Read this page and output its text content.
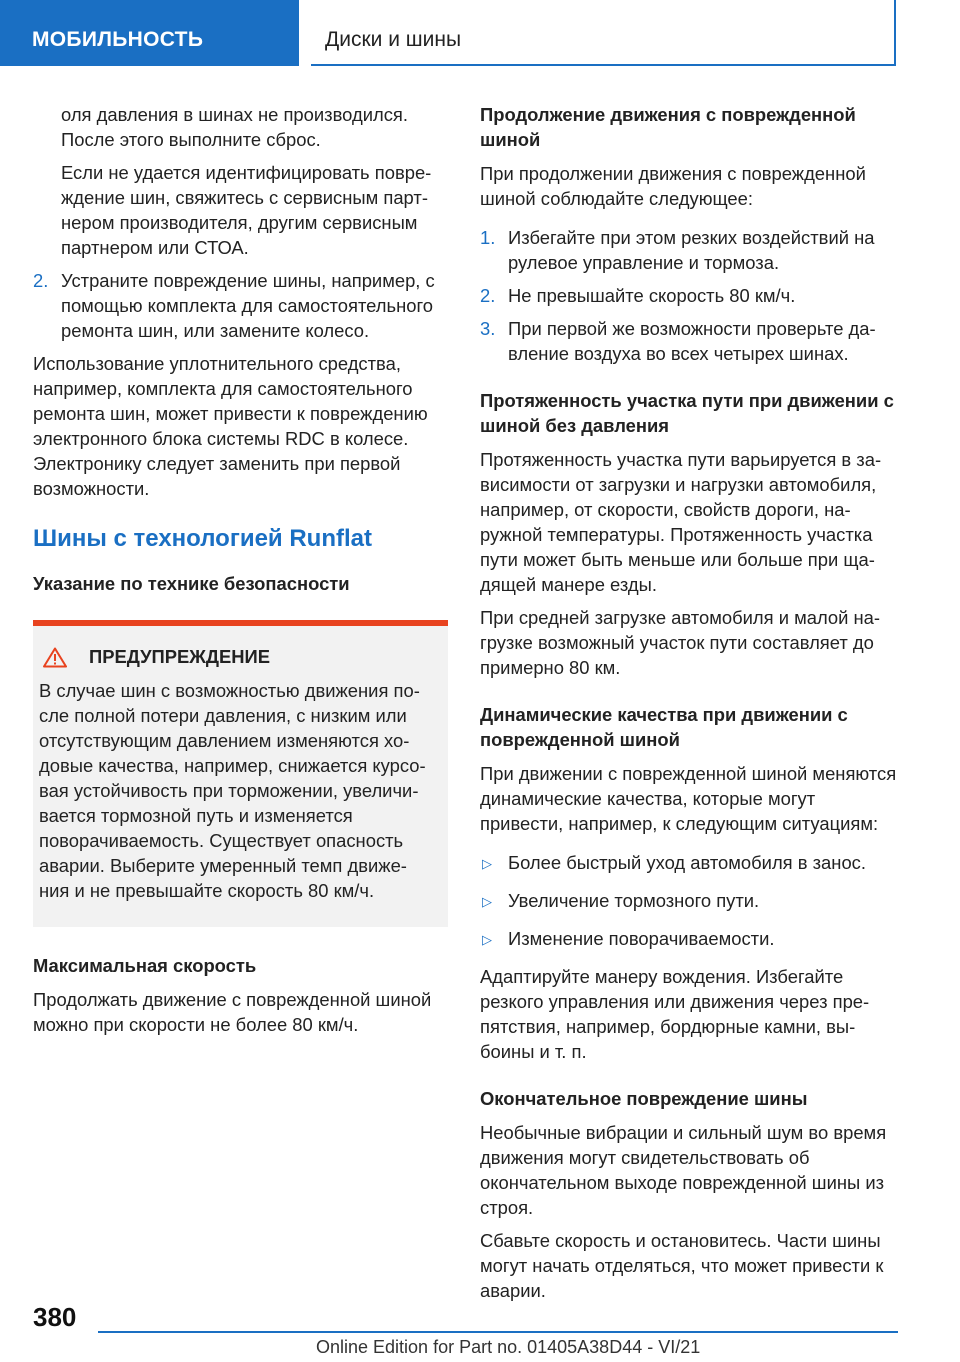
МОБИЛЬНОСТЬ	Диски и шины

оля давления в шинах не производился. После этого выполните сброс.

Если не удается идентифицировать повреждение шин, свяжитесь с сервисным партнером производителя, другим сервисным партнером или СТОА.

2. Устраните повреждение шины, например, с помощью комплекта для самостоятельного ремонта шин, или замените колесо.

Использование уплотнительного средства, например, комплекта для самостоятельного ремонта шин, может привести к повреждению электронного блока системы RDC в колесе. Электронику следует заменить при первой возможности.

Шины с технологией Runflat
Указание по технике безопасности
ПРЕДУПРЕЖДЕНИЕ

В случае шин с возможностью движения после полной потери давления, с низким или отсутствующим давлением изменяются ходовые качества, например, снижается курсовая устойчивость при торможении, увеличивается тормозной путь и изменяется поворачиваемость. Существует опасность аварии. Выберите умеренный темп движения и не превышайте скорость 80 км/ч.

Максимальная скорость

Продолжать движение с поврежденной шиной можно при скорости не более 80 км/ч.

Продолжение движения с поврежденной шиной

При продолжении движения с поврежденной шиной соблюдайте следующее:

1. Избегайте при этом резких воздействий на рулевое управление и тормоза.
2. Не превышайте скорость 80 км/ч.
3. При первой же возможности проверьте давление воздуха во всех четырех шинах.
Протяженность участка пути при движении с шиной без давления

Протяженность участка пути варьируется в зависимости от загрузки и нагрузки автомобиля, например, от скорости, свойств дороги, наружной температуры. Протяженность участка пути может быть меньше или больше при щадящей манере езды.

При средней загрузке автомобиля и малой нагрузке возможный участок пути составляет до примерно 80 км.

Динамические качества при движении с поврежденной шиной

При движении с поврежденной шиной меняются динамические качества, которые могут привести, например, к следующим ситуациям:

▷ Более быстрый уход автомобиля в занос.
▷ Увеличение тормозного пути.
▷ Изменение поворачиваемости.

Адаптируйте манеру вождения. Избегайте резкого управления или движения через препятствия, например, бордюрные камни, выбоины и т. п.

Окончательное повреждение шины

Необычные вибрации и сильный шум во время движения могут свидетельствовать об окончательном выходе поврежденной шины из строя.

Сбавьте скорость и остановитесь. Части шины могут начать отделяться, что может привести к аварии.

380
Online Edition for Part no. 01405A38D44 - VI/21
